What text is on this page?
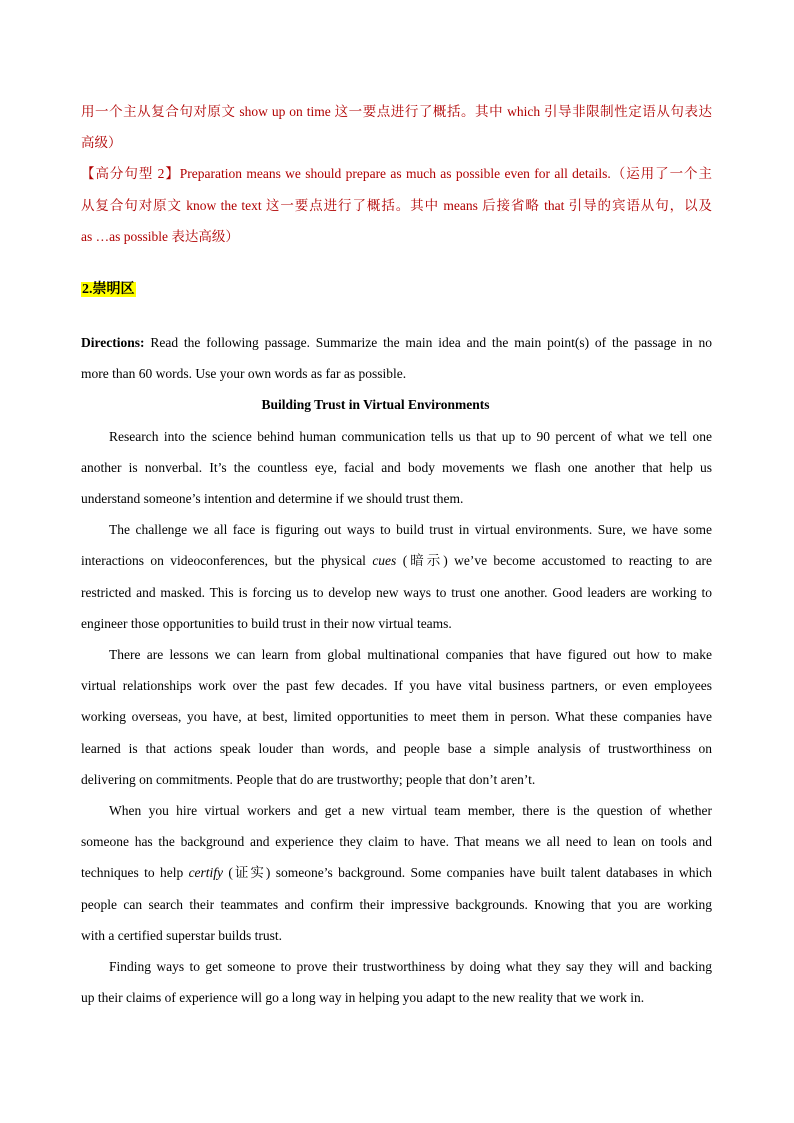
用一个主从复合句对原文 show up on time 这一要点进行了概括。其中 which 引导非限制性定语从句表达
高级）
【高分句型 2】Preparation means we should prepare as much as possible even for all details.（运用了一个主
从复合句对原文 know the text 这一要点进行了概括。其中 means 后接省略 that 引导的宾语从句，以及
as …as possible 表达高级）
2.崇明区
Directions: Read the following passage. Summarize the main idea and the main point(s) of the passage in no
more than 60 words. Use your own words as far as possible.
Building Trust in Virtual Environments
Research into the science behind human communication tells us that up to 90 percent of what we tell one
another is nonverbal. It’s the countless eye, facial and body movements we flash one another that help us
understand someone’s intention and determine if we should trust them.
The challenge we all face is figuring out ways to build trust in virtual environments. Sure, we have some
interactions on videoconferences, but the physical cues (暗示) we’ve become accustomed to reacting to are
restricted and masked. This is forcing us to develop new ways to trust one another. Good leaders are working to
engineer those opportunities to build trust in their now virtual teams.
There are lessons we can learn from global multinational companies that have figured out how to make
virtual relationships work over the past few decades. If you have vital business partners, or even employees
working overseas, you have, at best, limited opportunities to meet them in person. What these companies have
learned is that actions speak louder than words, and people base a simple analysis of trustworthiness on
delivering on commitments. People that do are trustworthy; people that don’t aren’t.
When you hire virtual workers and get a new virtual team member, there is the question of whether
someone has the background and experience they claim to have. That means we all need to lean on tools and
techniques to help certify (证实) someone’s background. Some companies have built talent databases in which
people can search their teammates and confirm their impressive backgrounds. Knowing that you are working
with a certified superstar builds trust.
Finding ways to get someone to prove their trustworthiness by doing what they say they will and backing
up their claims of experience will go a long way in helping you adapt to the new reality that we work in.
